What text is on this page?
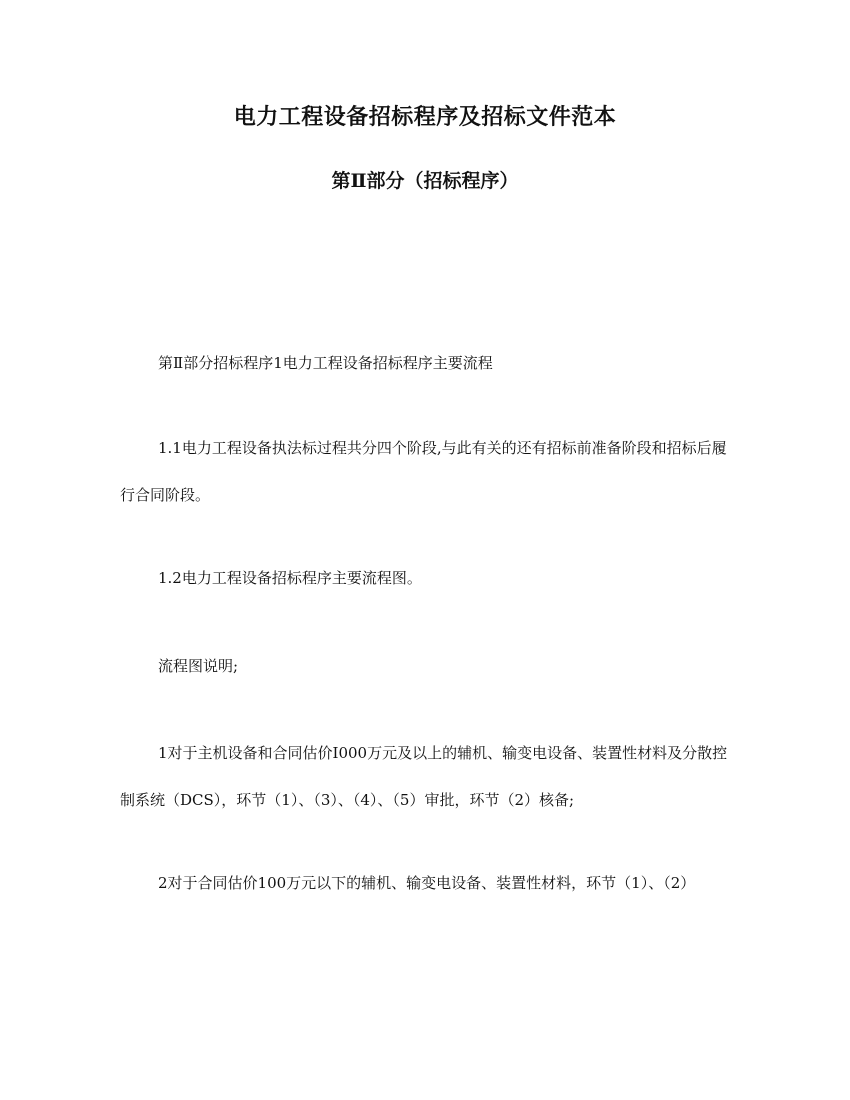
电力工程设备招标程序及招标文件范本
第Ⅱ部分（招标程序）

第Ⅱ部分招标程序1电力工程设备招标程序主要流程

1.1电力工程设备执法标过程共分四个阶段,与此有关的还有招标前准备阶段和招标后履行合同阶段。

1.2电力工程设备招标程序主要流程图。

流程图说明;

1对于主机设备和合同估价I000万元及以上的辅机、输变电设备、装置性材料及分散控制系统（DCS），环节（1）、（3）、（4）、（5）审批，环节（2）核备;

2对于合同估价100万元以下的辅机、输变电设备、装置性材料，环节（1）、（2）
